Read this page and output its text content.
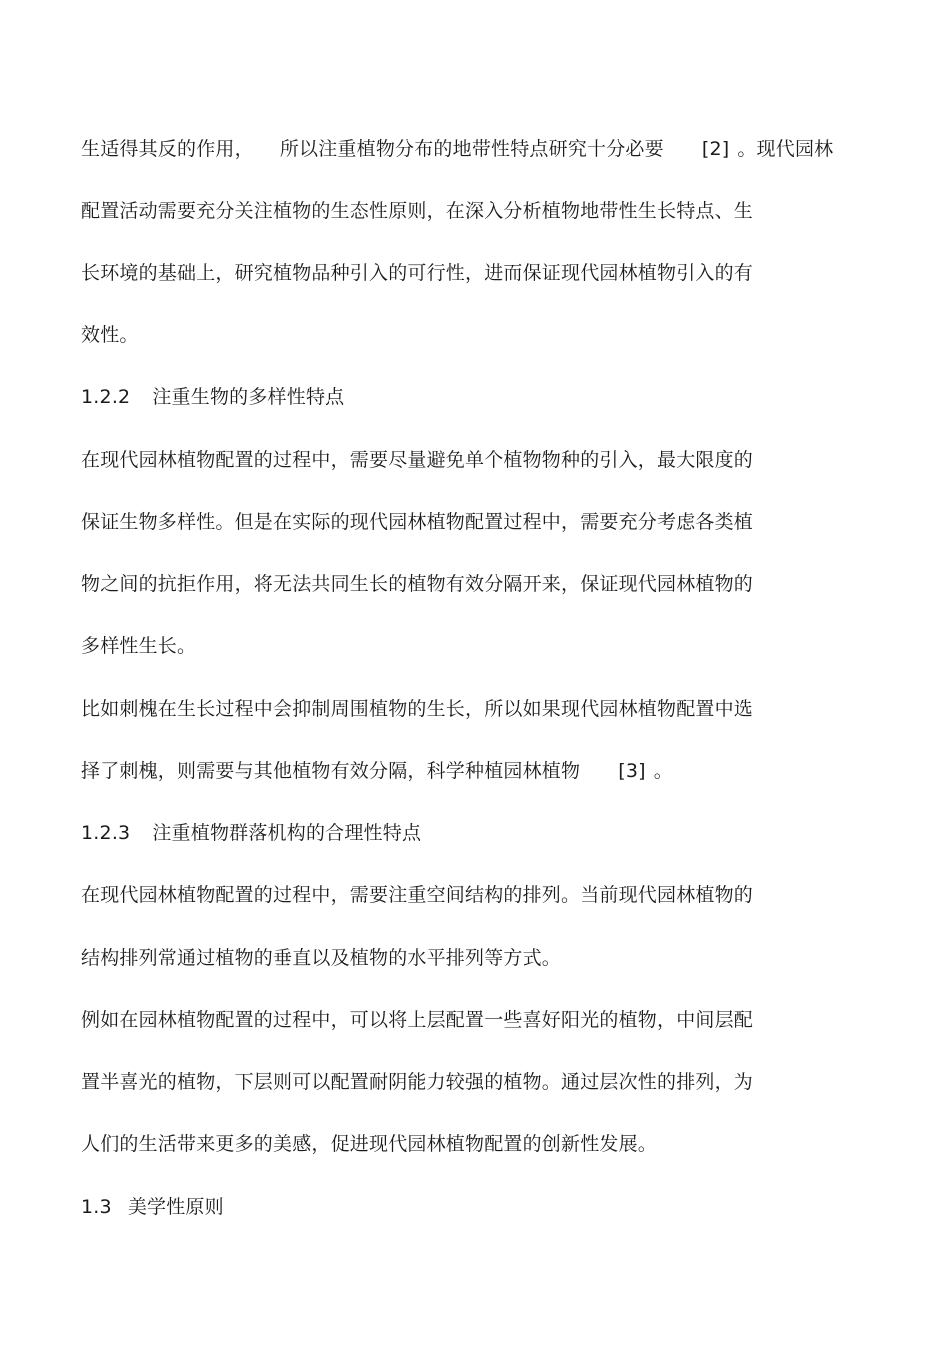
生适得其反的作用， 所以注重植物分布的地带性特点研究十分必要 [2] 。现代园林
配置活动需要充分关注植物的生态性原则，在深入分析植物地带性生长特点、生
长环境的基础上，研究植物品种引入的可行性，进而保证现代园林植物引入的有
效性。
1.2.2 注重生物的多样性特点
在现代园林植物配置的过程中，需要尽量避免单个植物物种的引入，最大限度的
保证生物多样性。但是在实际的现代园林植物配置过程中，需要充分考虑各类植
物之间的抗拒作用，将无法共同生长的植物有效分隔开来，保证现代园林植物的
多样性生长。
比如刺槐在生长过程中会抑制周围植物的生长，所以如果现代园林植物配置中选
择了刺槐，则需要与其他植物有效分隔，科学种植园林植物 [3] 。
1.2.3 注重植物群落机构的合理性特点
在现代园林植物配置的过程中，需要注重空间结构的排列。当前现代园林植物的
结构排列常通过植物的垂直以及植物的水平排列等方式。
例如在园林植物配置的过程中，可以将上层配置一些喜好阳光的植物，中间层配
置半喜光的植物，下层则可以配置耐阴能力较强的植物。通过层次性的排列，为
人们的生活带来更多的美感，促进现代园林植物配置的创新性发展。
1.3 美学性原则
